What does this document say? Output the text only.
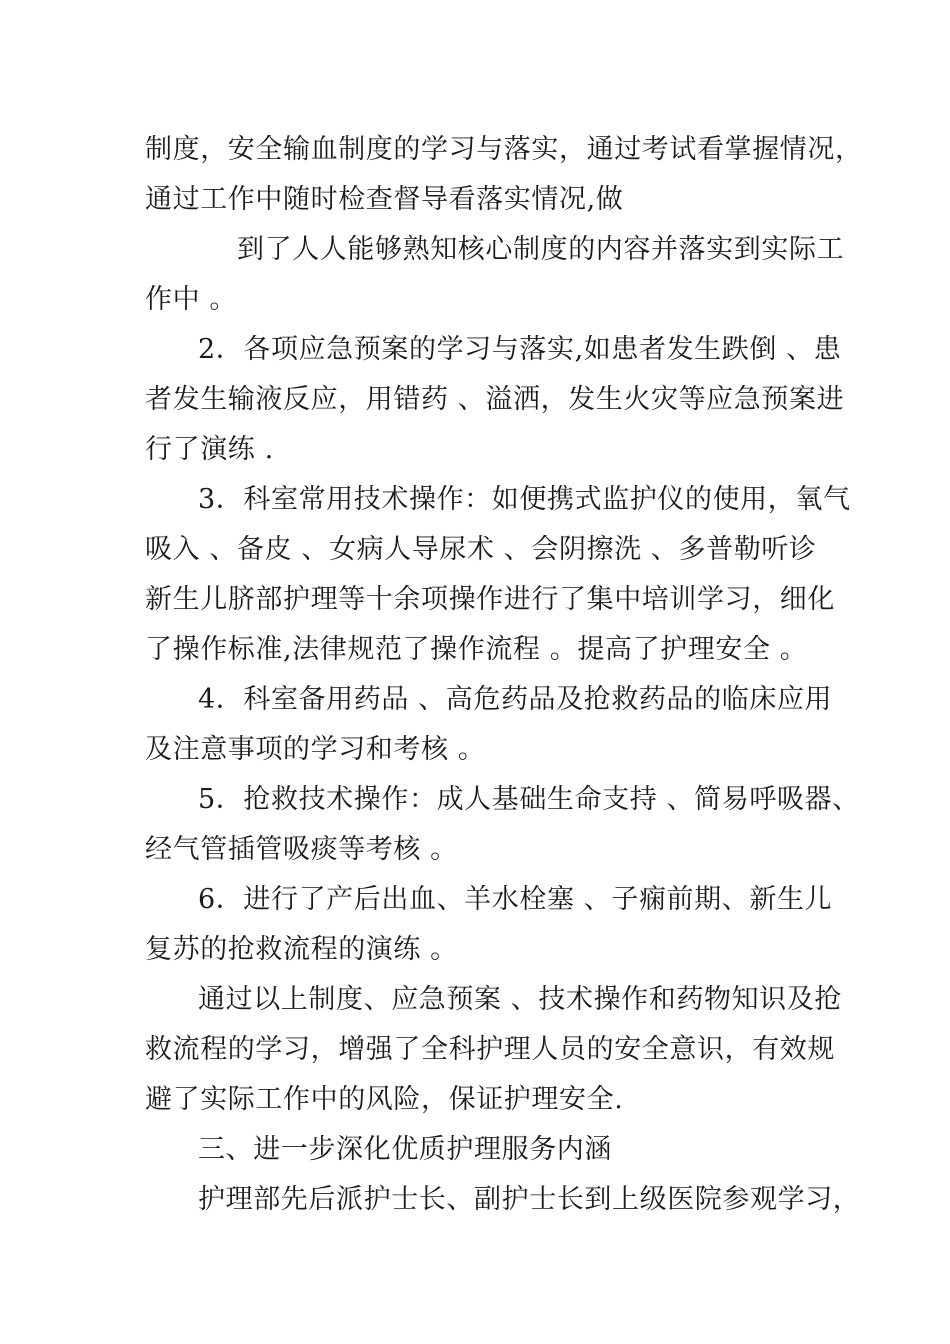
制度，安全输血制度的学习与落实，通过考试看掌握情况，

通过工作中随时检查督导看落实情况,做

到了人人能够熟知核心制度的内容并落实到实际工

作中 。

2．各项应急预案的学习与落实,如患者发生跌倒 、患

者发生输液反应，用错药 、溢洒，发生火灾等应急预案进

行了演练 .

3．科室常用技术操作：如便携式监护仪的使用，氧气

吸入 、备皮 、女病人导尿术 、会阴擦洗 、多普勒听诊

新生儿脐部护理等十余项操作进行了集中培训学习，细化

了操作标准,法律规范了操作流程 。提高了护理安全 。

4．科室备用药品 、高危药品及抢救药品的临床应用

及注意事项的学习和考核 。

5．抢救技术操作：成人基础生命支持 、简易呼吸器、

经气管插管吸痰等考核 。

6．进行了产后出血、羊水栓塞 、子痫前期、新生儿

复苏的抢救流程的演练 。

通过以上制度、应急预案 、技术操作和药物知识及抢

救流程的学习，增强了全科护理人员的安全意识，有效规

避了实际工作中的风险，保证护理安全.

三、进一步深化优质护理服务内涵

护理部先后派护士长、副护士长到上级医院参观学习，
